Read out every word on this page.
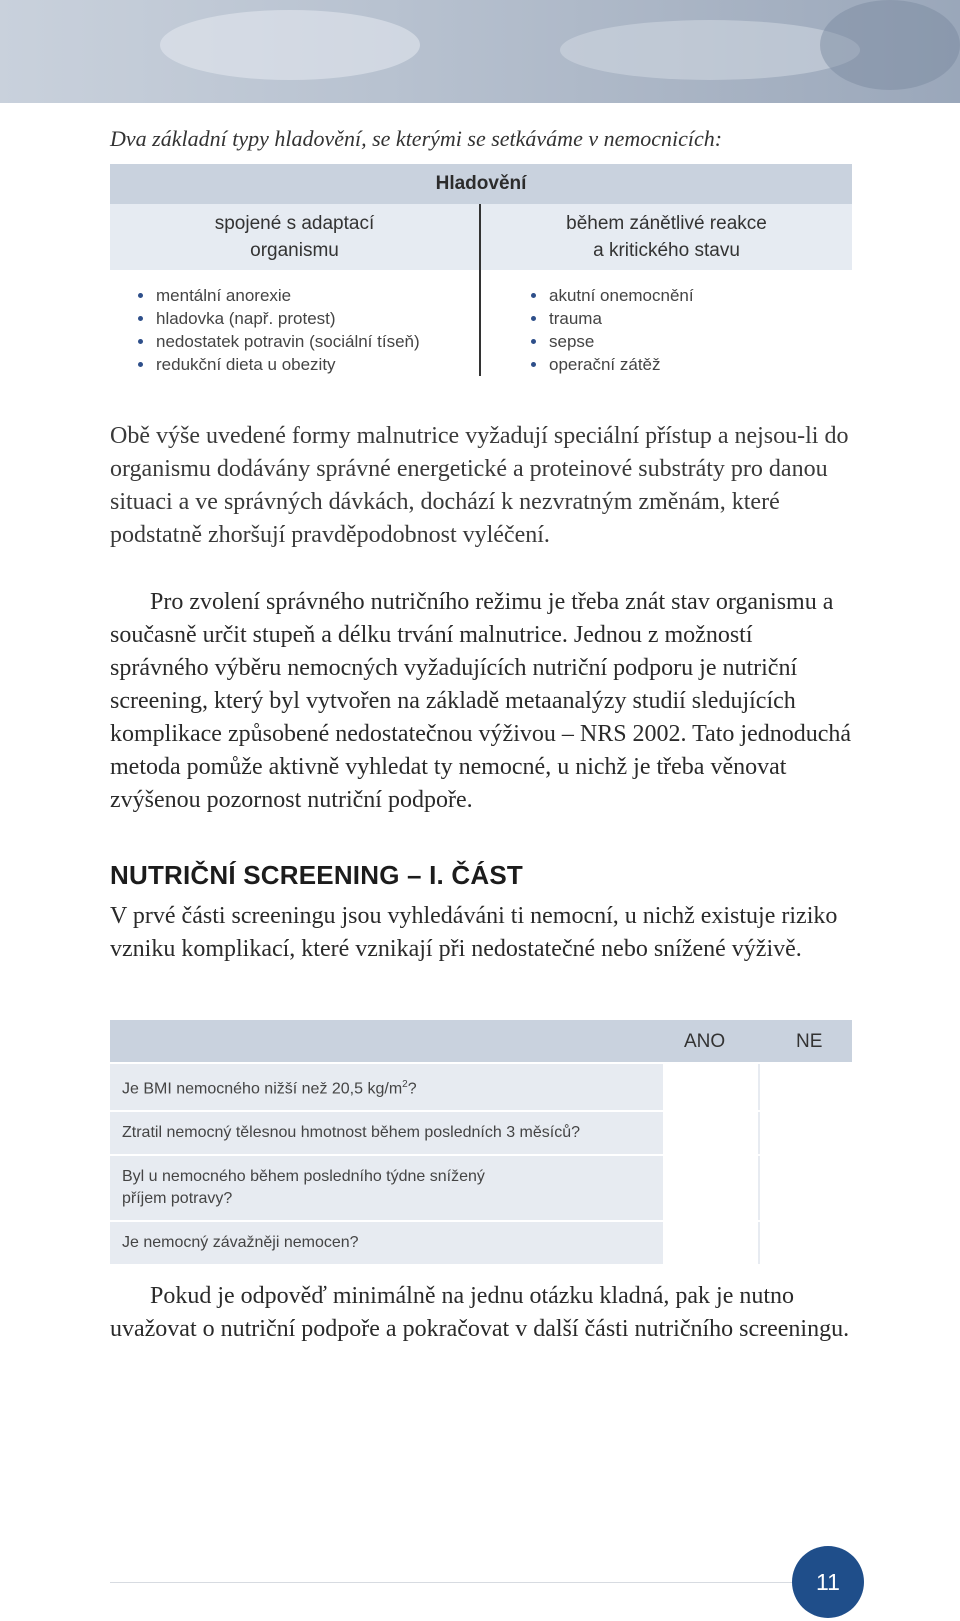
Dva základní typy hladovění, se kterými se setkáváme v nemocnicích:
Hladovění
spojené s adaptací
organismu
mentální anorexie
hladovka (např. protest)
nedostatek potravin (sociální tíseň)
redukční dieta u obezity
během zánětlivé reakce
a kritického stavu
akutní onemocnění
trauma
sepse
operační zátěž

Obě výše uvedené formy malnutrice vyžadují speciální přístup a nejsou-li do organismu dodávány správné energetické a proteinové substráty pro danou situaci a ve správných dávkách, dochází k nezvratným změnám, které podstatně zhoršují pravděpodobnost vyléčení.

Pro zvolení správného nutričního režimu je třeba znát stav organismu a současně určit stupeň a délku trvání malnutrice. Jednou z možností správného výběru nemocných vyžadujících nutriční podporu je nutriční screening, který byl vytvořen na základě metaanalýzy studií sledujících komplikace způsobené nedostatečnou výživou – NRS 2002. Tato jednoduchá metoda pomůže aktivně vyhledat ty nemocné, u nichž je třeba věnovat zvýšenou pozornost nutriční podpoře.

NUTRIČNÍ SCREENING – I. ČÁST

V prvé části screeningu jsou vyhledáváni ti nemocní, u nichž existuje riziko vzniku komplikací, které vznikají při nedostatečné nebo snížené výživě.

ANO	NE
Je BMI nemocného nižší než 20,5 $kg/m^2$?
Ztratil nemocný tělesnou hmotnost během posledních 3 měsíců?
Byl u nemocného během posledního týdne snížený
příjem potravy?
Je nemocný závažněji nemocen?

Pokud je odpověď minimálně na jednu otázku kladná, pak je nutno uvažovat o nutriční podpoře a pokračovat v další části nutričního screeningu.

11
